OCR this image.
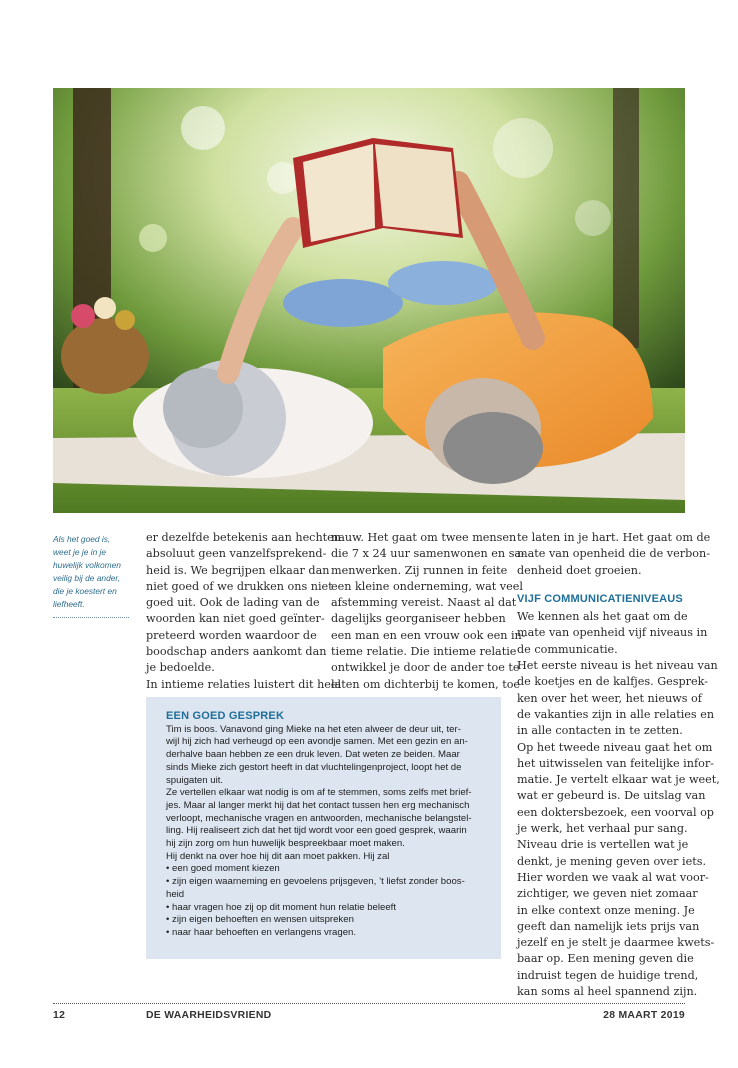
Als het goed is,
weet je je in je
huwelijk volkomen
veilig bij de ander,
die je koestert en
liefheeft.
er dezelfde betekenis aan hechten
absoluut geen vanzelfsprekend-
heid is. We begrijpen elkaar dan
niet goed of we drukken ons niet
goed uit. Ook de lading van de
woorden kan niet goed geïnter-
preteerd worden waardoor de
boodschap anders aankomt dan
je bedoelde.
In intieme relaties luistert dit heel
nauw. Het gaat om twee mensen
die 7 x 24 uur samenwonen en sa-
menwerken. Zij runnen in feite
een kleine onderneming, wat veel
afstemming vereist. Naast al dat
dagelijks georganiseer hebben
een man en een vrouw ook een in-
tieme relatie. Die intieme relatie
ontwikkel je door de ander toe te
laten om dichterbij te komen, toe
te laten in je hart. Het gaat om de
mate van openheid die de verbon-
denheid doet groeien.
VIJF COMMUNICATIENIVEAUS
We kennen als het gaat om de
mate van openheid vijf niveaus in
de communicatie.
Het eerste niveau is het niveau van
de koetjes en de kalfjes. Gesprek-
ken over het weer, het nieuws of
de vakanties zijn in alle relaties en
in alle contacten in te zetten.
Op het tweede niveau gaat het om
het uitwisselen van feitelijke infor-
matie. Je vertelt elkaar wat je weet,
wat er gebeurd is. De uitslag van
een doktersbezoek, een voorval op
je werk, het verhaal pur sang.
Niveau drie is vertellen wat je
denkt, je mening geven over iets.
Hier worden we vaak al wat voor-
zichtiger, we geven niet zomaar
in elke context onze mening. Je
geeft dan namelijk iets prijs van
jezelf en je stelt je daarmee kwets-
baar op. Een mening geven die
indruist tegen de huidige trend,
kan soms al heel spannend zijn.
EEN GOED GESPREK
Tim is boos. Vanavond ging Mieke na het eten alweer de deur uit, ter-
wijl hij zich had verheugd op een avondje samen. Met een gezin en an-
derhalve baan hebben ze een druk leven. Dat weten ze beiden. Maar
sinds Mieke zich gestort heeft in dat vluchtelingenproject, loopt het de
spuigaten uit.
Ze vertellen elkaar wat nodig is om af te stemmen, soms zelfs met brief-
jes. Maar al langer merkt hij dat het contact tussen hen erg mechanisch
verloopt, mechanische vragen en antwoorden, mechanische belangstel-
ling. Hij realiseert zich dat het tijd wordt voor een goed gesprek, waarin
hij zijn zorg om hun huwelijk bespreekbaar moet maken.
Hij denkt na over hoe hij dit aan moet pakken. Hij zal
• een goed moment kiezen
• zijn eigen waarneming en gevoelens prijsgeven, ’t liefst zonder boos-
heid
• haar vragen hoe zij op dit moment hun relatie beleeft
• zijn eigen behoeften en wensen uitspreken
• naar haar behoeften en verlangens vragen.
12	DE WAARHEIDSVRIEND	28 MAART 2019
